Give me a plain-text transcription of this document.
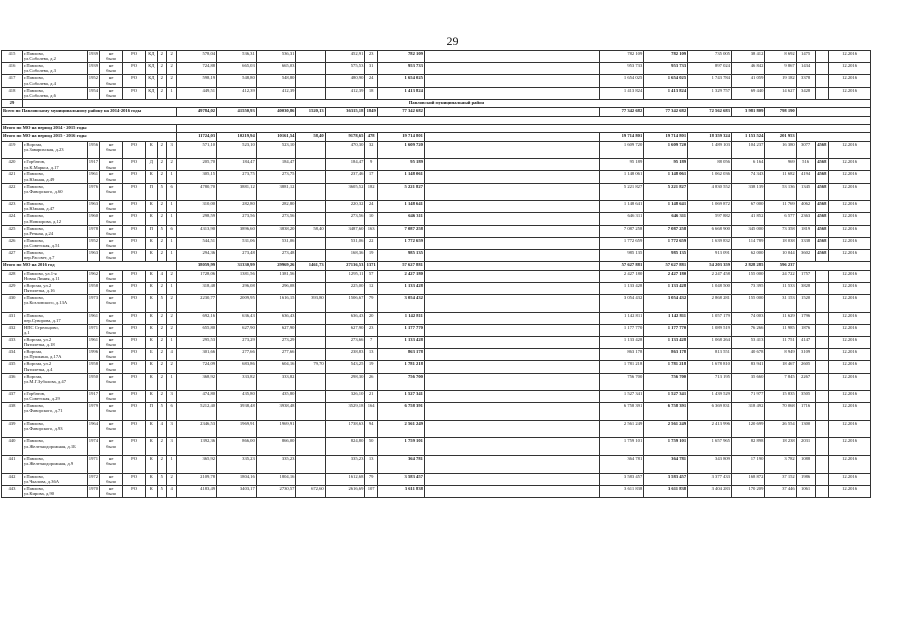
29
415	г.Павлово,
ул.Соболева, д.2	1939	не
было	РО	КД	2	2	578,04	536,31	536,31		452,91	23	782 109		782 109	782 109	735 005	38 412	8 692	1475		12.2016
416	г.Павлово,
ул.Соболева, д.3	1939	не
было	РО	КД	2	2	724,88	665,03	665,03		575,53	31	953 733		953 733	953 733	897 024	46 842	9 867	1434		12.2016
417	г.Павлово,
ул.Соболева, д.4	1952	не
было	РО	КД	2	2	598,19	548,80	548,80		480,90	24	1 654 025		1 654 025	1 654 025	1 743 784	41 059	19 182	3378		12.2016
418	г.Павлово,
ул.Соболева, д.6	1954	не
было	РО	КД	2	1	449,51	412,39	412,39		412,39	18	1 413 824		1 413 824	1 413 824	1 329 757	69 440	14 627	3428		12.2016
29	Павловский муниципальный район																						
Всего по Павловскому муниципальному району на 2014-2016 годы								49784,02	41550,93	40030,86	1520,13	36315,18	1849	77 342 682		77 342 682	77 342 682	72 562 683	3 981 809	798 190			

Итого по МО на период 2014 - 2015 годы																							
Итого по МО на период 2015 - 2016 годы								11724,03	10219,94	10161,54	58,40	9178,65	478	19 714 801		19 714 801	19 714 801	18 359 324	1 153 524	201 953			
419	г.Ворсма,
ул.Заварихская, д.23	1956	не
было	РО	К	2	3	571,10	523,10	523,10		470,30	32	1 609 720		1 609 720	1 609 720	1 489 103	104 237	16 380	3077	4568	12.2016
420	г.Горбатов,
ул.К.Маркса, д.17	1917	не
было	РО	Д	2	2	205,70	184,47	184,47		184,47	9	95 189		95 189	95 189	88 056	6 164	969	516	4568	12.2016
421	г.Павлово,
ул.Южная, д.49	1961	не
было	РО	К	2	1	305,15	273,75	273,75		237,46	17	1 148 061		1 148 061	1 148 061	1 062 036	74 343	11 682	4194	4568	12.2016
422	г.Павлово,
ул.Фаворского, д.60	1976	не
было	РО	П	5	6	4780,70	3881,12	3881,12		3605,52	182	5 221 827		5 221 827	5 221 827	4 830 552	338 139	53 136	1345	4568	12.2016
423	г.Павлово,
ул.Южная, д.47	1963	не
было	РО	К	2	1	310,00	282,80	282,80		220,32	24	1 148 641		1 148 641	1 148 641	1 069 872	67 000	11 769	4062	4568	12.2016
424	г.Павлово,
ул.Новиорова, д.12	1960	не
было	РО	К	2	1	298,59	273,56	273,56		273,56	10	646 311		646 311	646 311	597 882	41 852	6 577	2363	4568	12.2016
425	г.Павлово,
ул.Речная, д.24	1978	не
было	РО	П	5	6	4313,90	3896,60	3838,20	58,40	3487,60	163	7 087 258		7 087 258	7 087 258	6 668 900	345 000	73 358	1819	4568	12.2016
426	г.Павлово,
ул.Советская, д.51	1952	не
было	РО	К	2	1	544,51	531,06	531,06		531,06	22	1 772 659		1 772 659	1 772 659	1 639 832	114 789	18 038	3338	4568	12.2016
427	г.Павлово,
пер.Рассвет, д.7	1963	не
было	РО	К	2	1	294,36	273,48	273,48		168,36	19	985 135		985 135	985 135	913 091	62 000	10 044	3602	4568	12.2016
Итого по МО на 2016 год								38059,99	31330,99	29969,26	1461,73	27136,53	1371	57 627 881		57 627 881	57 627 881	54 203 359	2 828 285	596 237			
428	г.Павлово, ул.1-я
Новая Линия, д.11	1962	не
было	РО	К	4	2	1728,06	1381,56	1381,56		1295,11	57	2 427 180		2 427 180	2 427 180	2 247 458	155 000	24 722	1757		12.2016
429	г.Ворсма, ул.2
Пятилетка, д.16	1958	не
было	РО	К	2	1	318,48	296,08	296,08		225,00	12	1 133 428		1 133 428	1 133 428	1 048 500	73 395	11 533	3828		12.2016
430	г.Павлово,
ул.Козловского, д.13А	1973	не
было	РО	К	5	2	2230,77	2009,95	1616,15	393,80	1506,67	79	3 054 432		3 054 432	3 054 432	2 868 281	155 000	31 153	1520		12.2016
431	г.Павлово,
пер.Суворова, д.17	1961	не
было	РО	К	2	2	692,16	636,43	636,43		636,43	20	1 142 811		1 142 811	1 142 811	1 057 179	74 003	11 629	1796		12.2016
432	НПС Стрельцово,
д.1	1971	не
было	РО	К	2	2	655,80	627,90	627,90		627,90	23	1 177 770		1 177 770	1 177 770	1 089 519	76 266	11 985	1876		12.2016
433	г.Ворсма, ул.2
Пятилетка, д.18	1961	не
было	РО	К	2	1	295,53	273,29	273,29		273,66	7	1 133 428		1 133 428	1 133 428	1 068 264	53 413	11 751	4147		12.2016
434	г.Ворсма,
ул.Пушкина, д.17А	1996	не
было	РО	Б	2	4	301,66	277,66	277,66		238,83	13	863 178		863 178	863 178	813 551	40 678	8 949	3109		12.2016
435	г.Ворсма, ул.2
Пятилетка, д.4	1958	не
было	РО	К	2	2	724,09	683,86	604,16	79,70	543,25	19	1 781 218		1 781 218	1 781 218	1 678 810	83 941	18 467	2605		12.2016
436	г.Ворсма,
ул.М.Г.Зубалова, д.47	1950	не
было	РО	К	2	1	368,92	333,82	333,82		298,30	26	756 700		756 700	756 700	713 195	35 660	7 845	2267		12.2016
437	г.Горбатов,
ул.Советская, д.29	1917	не
было	РО	К	2	3	474,80	435,80	435,80		326,10	21	1 527 341		1 527 341	1 527 341	1 439 529	71 977	15 835	3505		12.2016
438	г.Павлово,
ул.Фаворского, д.71	1979	не
было	РО	П	5	6	5212,40	3938,48	3938,48		3529,18	164	6 758 391		6 758 391	6 758 391	6 369 831	318 492	70 068	1716		12.2016
439	г.Павлово,
ул.Фаворского, д.93	1964	не
было	РО	К	4	3	2346,53	1969,91	1969,91		1738,63	94	2 561 249		2 561 249	2 561 249	2 413 996	120 699	26 554	1300		12.2016
440	г.Павлово,
ул.Железнодорожная, д.1Б	1974	не
было	РО	К	2	3	1392,36	866,00	866,00		824,80	50	1 759 101		1 759 101	1 759 101	1 657 965	82 898	18 238	2031		12.2016
441	г.Павлово,
ул.Железнодорожная, д.9	1971	не
было	РО	К	2	1	365,92	335,23	335,23		335,23	13	364 781		364 781	364 781	343 809	17 190	3 782	1088		12.2016
442	г.Павлово,
ул.Чкалова, д.36А	1972	не
было	РО	К	5	2	2109,78	1804,16	1804,16		1612,68	79	3 583 457		3 583 457	3 583 457	3 377 433	168 872	37 152	1986		12.2016
443	г.Павлово,
ул.Кирова, д.90	1970	не
было	РО	К	5	4	4183,49	3403,17	2730,57	672,60	2616,69	107	3 611 838		3 611 838	3 611 838	3 404 283	170 209	37 446	1061		12.2016
